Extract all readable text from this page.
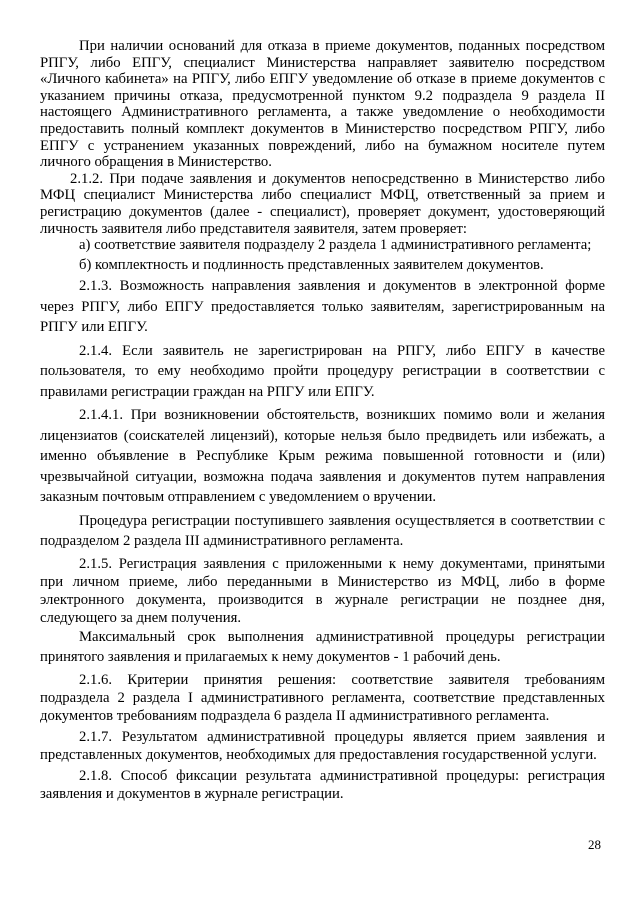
При наличии оснований для отказа в приеме документов, поданных посредством РПГУ, либо ЕПГУ, специалист Министерства направляет заявителю посредством «Личного кабинета» на РПГУ, либо ЕПГУ уведомление об отказе в приеме документов с указанием причины отказа, предусмотренной пунктом 9.2 подраздела 9 раздела II настоящего Административного регламента, а также уведомление о необходимости предоставить полный комплект документов в Министерство посредством РПГУ, либо ЕПГУ с устранением указанных повреждений, либо на бумажном носителе путем личного обращения в Министерство.

2.1.2. При подаче заявления и документов непосредственно в Министерство либо МФЦ специалист Министерства либо специалист МФЦ, ответственный за прием и регистрацию документов (далее - специалист), проверяет документ, удостоверяющий личность заявителя либо представителя заявителя, затем проверяет:

а) соответствие заявителя подразделу 2 раздела 1 административного регламента;

б) комплектность и подлинность представленных заявителем документов.

2.1.3. Возможность направления заявления и документов в электронной форме через РПГУ, либо ЕПГУ предоставляется только заявителям, зарегистрированным на РПГУ или ЕПГУ.

2.1.4. Если заявитель не зарегистрирован на РПГУ, либо ЕПГУ в качестве пользователя, то ему необходимо пройти процедуру регистрации в соответствии с правилами регистрации граждан на РПГУ или ЕПГУ.

2.1.4.1. При возникновении обстоятельств, возникших помимо воли и желания лицензиатов (соискателей лицензий), которые нельзя было предвидеть или избежать, а именно объявление в Республике Крым режима повышенной готовности и (или) чрезвычайной ситуации, возможна подача заявления и документов путем направления заказным почтовым отправлением с уведомлением о вручении.

Процедура регистрации поступившего заявления осуществляется в соответствии с подразделом 2 раздела III административного регламента.

2.1.5. Регистрация заявления с приложенными к нему документами, принятыми при личном приеме, либо переданными в Министерство из МФЦ, либо в форме электронного документа, производится в журнале регистрации не позднее дня, следующего за днем получения.

Максимальный срок выполнения административной процедуры регистрации принятого заявления и прилагаемых к нему документов - 1 рабочий день.

2.1.6. Критерии принятия решения: соответствие заявителя требованиям подраздела 2 раздела I административного регламента, соответствие представленных документов требованиям подраздела 6 раздела II административного регламента.

2.1.7. Результатом административной процедуры является прием заявления и представленных документов, необходимых для предоставления государственной услуги.

2.1.8. Способ фиксации результата административной процедуры: регистрация заявления и документов в журнале регистрации.

28
